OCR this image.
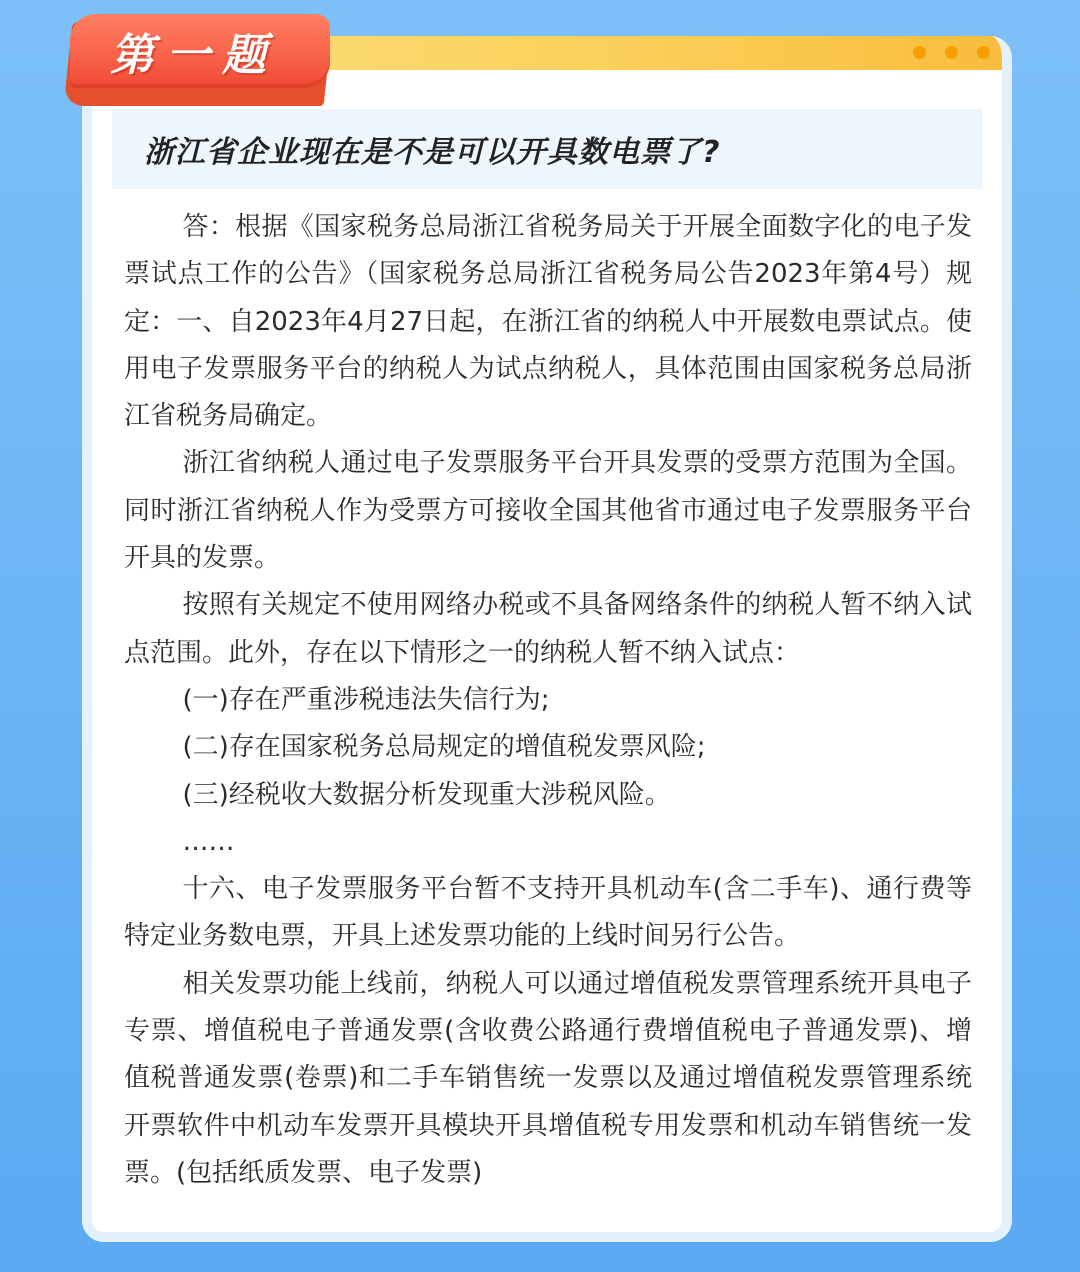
第一题
浙江省企业现在是不是可以开具数电票了?

答：根据《国家税务总局浙江省税务局关于开展全面数字化的电子发票试点工作的公告》（国家税务总局浙江省税务局公告2023年第4号）规定：一、自2023年4月27日起，在浙江省的纳税人中开展数电票试点。使用电子发票服务平台的纳税人为试点纳税人，具体范围由国家税务总局浙江省税务局确定。

浙江省纳税人通过电子发票服务平台开具发票的受票方范围为全国。同时浙江省纳税人作为受票方可接收全国其他省市通过电子发票服务平台开具的发票。

按照有关规定不使用网络办税或不具备网络条件的纳税人暂不纳入试点范围。此外，存在以下情形之一的纳税人暂不纳入试点：

(一)存在严重涉税违法失信行为;

(二)存在国家税务总局规定的增值税发票风险;

(三)经税收大数据分析发现重大涉税风险。

……

十六、电子发票服务平台暂不支持开具机动车(含二手车)、通行费等特定业务数电票，开具上述发票功能的上线时间另行公告。

相关发票功能上线前，纳税人可以通过增值税发票管理系统开具电子专票、增值税电子普通发票(含收费公路通行费增值税电子普通发票)、增值税普通发票(卷票)和二手车销售统一发票以及通过增值税发票管理系统开票软件中机动车发票开具模块开具增值税专用发票和机动车销售统一发票。(包括纸质发票、电子发票)
